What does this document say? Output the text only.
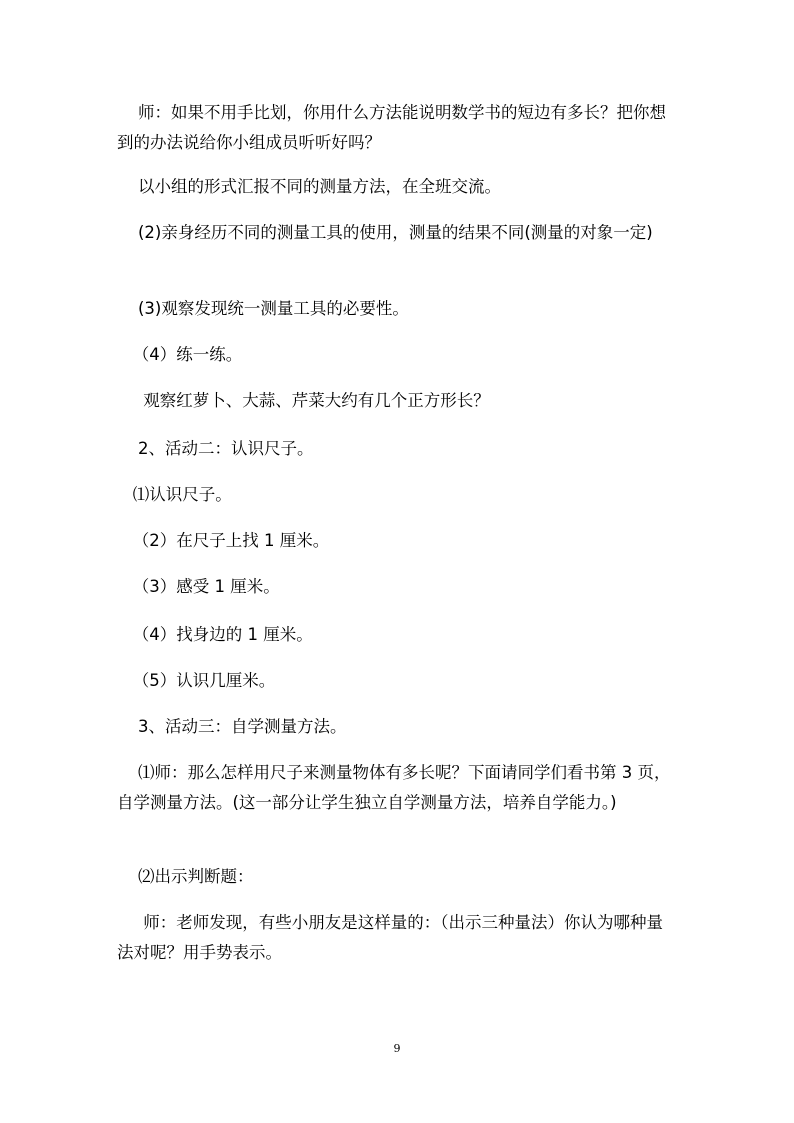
师：如果不用手比划，你用什么方法能说明数学书的短边有多长？把你想到的办法说给你小组成员听听好吗？

以小组的形式汇报不同的测量方法，在全班交流。

(2)亲身经历不同的测量工具的使用，测量的结果不同(测量的对象一定)

(3)观察发现统一测量工具的必要性。

（4）练一练。

观察红萝卜、大蒜、芹菜大约有几个正方形长？

2、活动二：认识尺子。

⑴认识尺子。

（2）在尺子上找 1 厘米。

（3）感受 1 厘米。

（4）找身边的 1 厘米。

（5）认识几厘米。

3、活动三：自学测量方法。

⑴师：那么怎样用尺子来测量物体有多长呢？下面请同学们看书第 3 页，自学测量方法。(这一部分让学生独立自学测量方法，培养自学能力。)

⑵出示判断题：

师：老师发现，有些小朋友是这样量的：（出示三种量法）你认为哪种量法对呢？用手势表示。

9
